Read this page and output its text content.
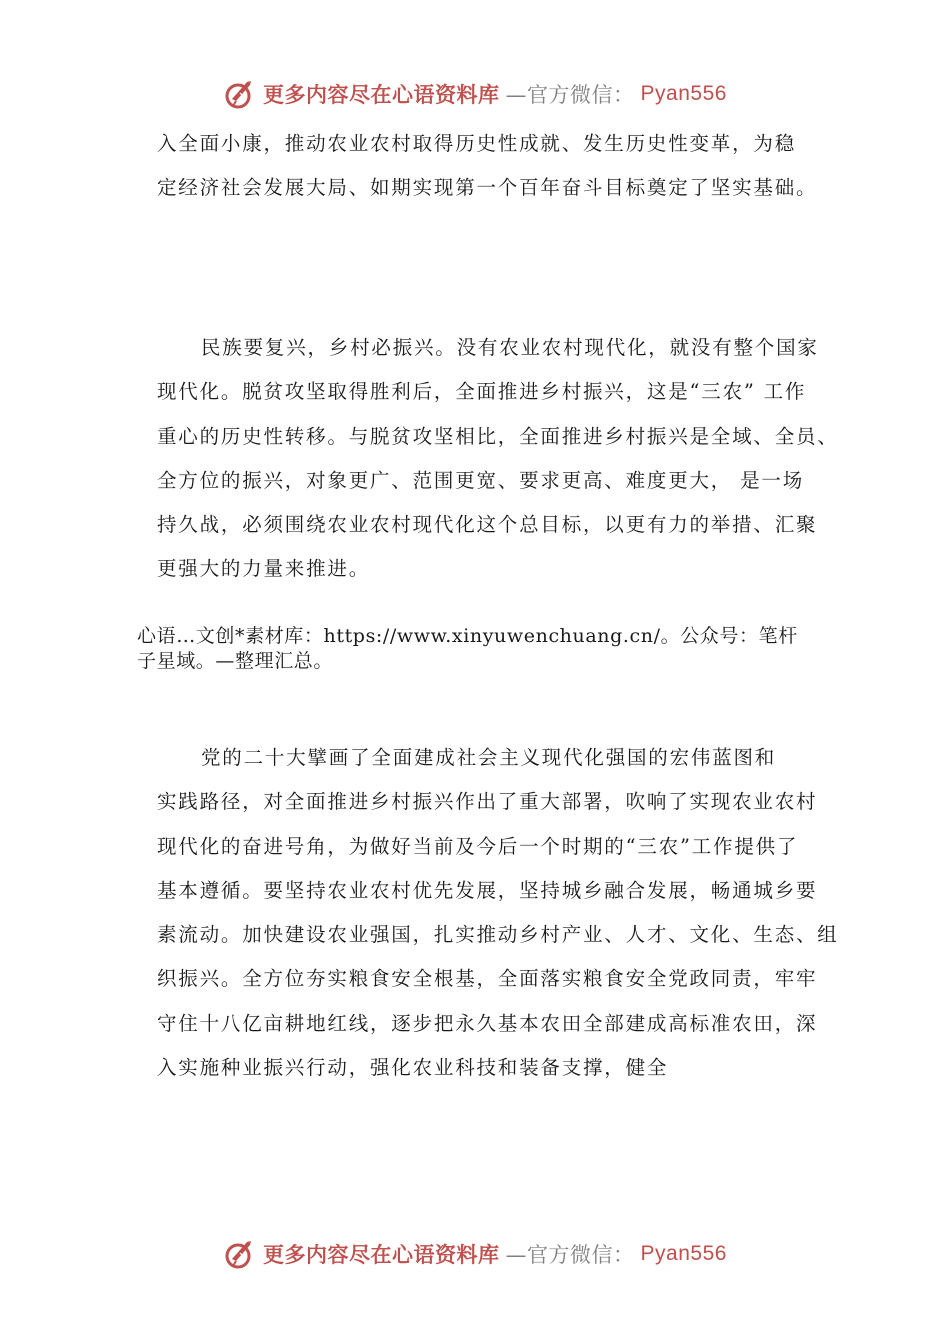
更多内容尽在心语资料库 —官方微信： Pyan556

入全面小康，推动农业农村取得历史性成就、发生历史性变革，为稳
定经济社会发展大局、如期实现第一个百年奋斗目标奠定了坚实基础。

民族要复兴，乡村必振兴。没有农业农村现代化，就没有整个国家
现代化。脱贫攻坚取得胜利后，全面推进乡村振兴，这是“三农” 工作
重心的历史性转移。与脱贫攻坚相比，全面推进乡村振兴是全域、全员、
全方位的振兴，对象更广、范围更宽、要求更高、难度更大， 是一场
持久战，必须围绕农业农村现代化这个总目标，以更有力的举措、汇聚
更强大的力量来推进。

心语…文创*素材库：https://www.xinyuwenchuang.cn/。公众号：笔杆
子星域。—整理汇总。

党的二十大擘画了全面建成社会主义现代化强国的宏伟蓝图和
实践路径，对全面推进乡村振兴作出了重大部署，吹响了实现农业农村
现代化的奋进号角，为做好当前及今后一个时期的“三农”工作提供了
基本遵循。要坚持农业农村优先发展，坚持城乡融合发展，畅通城乡要
素流动。加快建设农业强国，扎实推动乡村产业、人才、文化、生态、组
织振兴。全方位夯实粮食安全根基，全面落实粮食安全党政同责，牢牢
守住十八亿亩耕地红线，逐步把永久基本农田全部建成高标准农田，深
入实施种业振兴行动，强化农业科技和装备支撑，健全

更多内容尽在心语资料库 —官方微信： Pyan556
